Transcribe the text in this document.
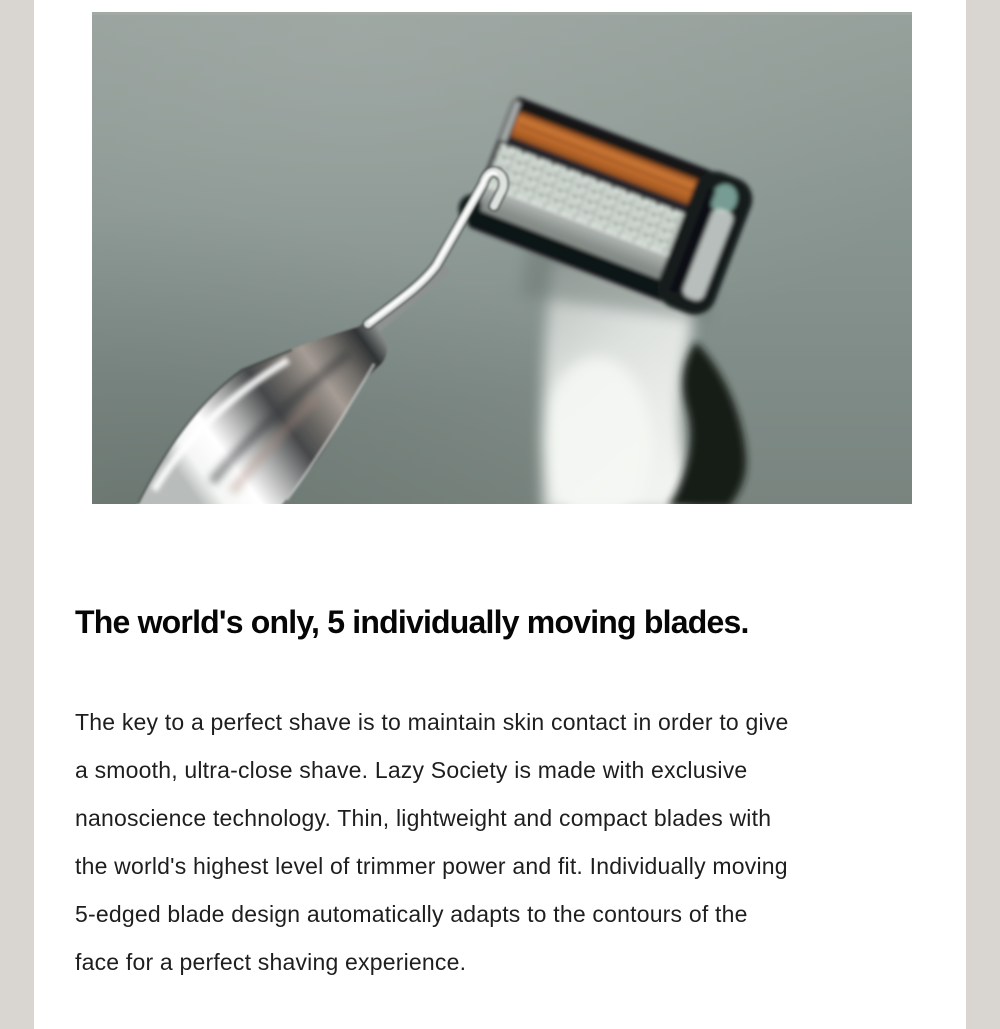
The world's only, 5 individually moving blades.
The key to a perfect shave is to maintain skin contact in order to give
a smooth, ultra-close shave. Lazy Society is made with exclusive
nanoscience technology. Thin, lightweight and compact blades with
the world's highest level of trimmer power and fit. Individually moving
5-edged blade design automatically adapts to the contours of the
face for a perfect shaving experience.
